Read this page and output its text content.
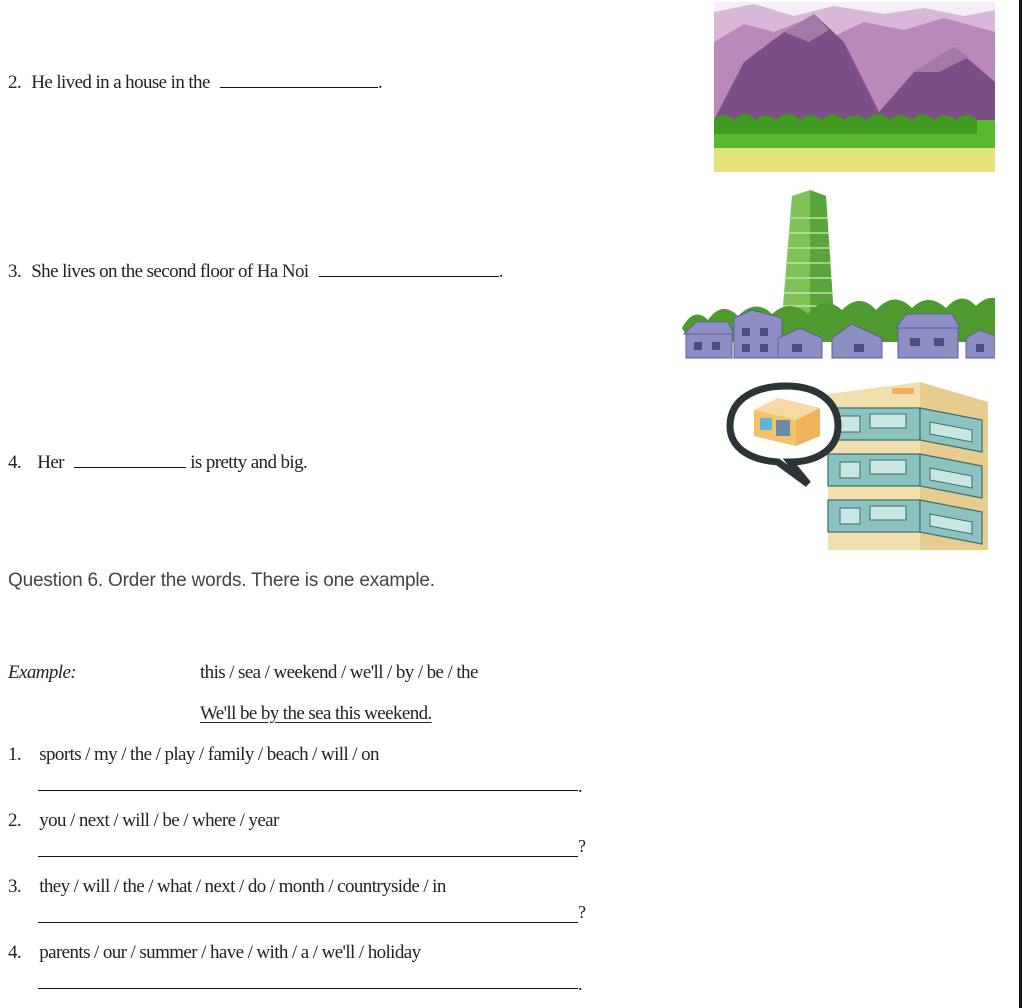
2. He lived in a house in the	.
3. She lives on the second floor of Ha Noi	.
4. Her	is pretty and big.
Question 6. Order the words. There is one example.
Example:	this / sea / weekend / we'll / by / be / the
We'll be by the sea this weekend.
1. sports / my / the / play / family / beach / will / on
.
2. you / next / will / be / where / year
?
3. they / will / the / what / next / do / month / countryside / in
?
4. parents / our / summer / have / with / a / we'll / holiday
.
